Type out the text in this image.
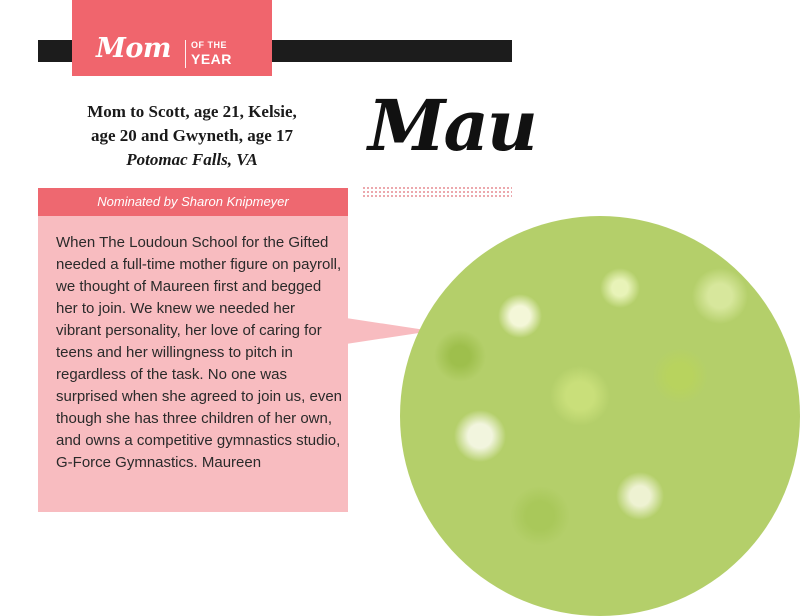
Mom OF THE
YEAR
Mom to Scott, age 21, Kelsie,
age 20 and Gwyneth, age 17
Potomac Falls, VA	Mau
Nominated by Sharon Knipmeyer
When The Loudoun School for the Gifted needed a full-time mother figure on payroll, we thought of Maureen first and begged her to join. We knew we needed her vibrant personality, her love of caring for teens and her willingness to pitch in regardless of the task. No one was surprised when she agreed to join us, even though she has three children of her own, and owns a competitive gymnastics studio, G-Force Gymnastics. Maureen
